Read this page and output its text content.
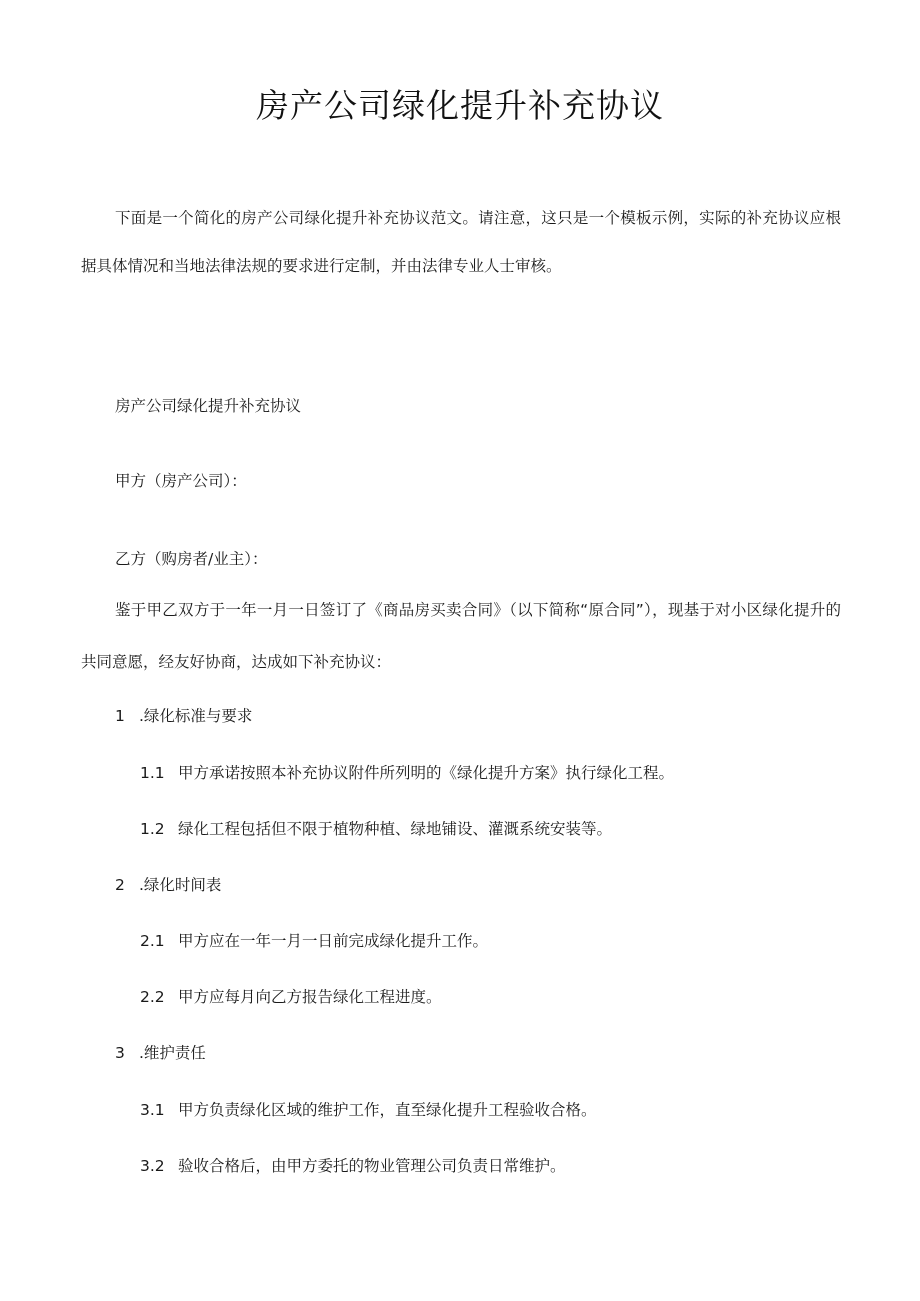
房产公司绿化提升补充协议

下面是一个简化的房产公司绿化提升补充协议范文。请注意，这只是一个模板示例，实际的补充协议应根据具体情况和当地法律法规的要求进行定制，并由法律专业人士审核。

房产公司绿化提升补充协议

甲方（房产公司）：

乙方（购房者/业主）：

鉴于甲乙双方于一年一月一日签订了《商品房买卖合同》（以下简称“原合同”），现基于对小区绿化提升的共同意愿，经友好协商，达成如下补充协议：

1 .绿化标准与要求

1.1 甲方承诺按照本补充协议附件所列明的《绿化提升方案》执行绿化工程。

1.2 绿化工程包括但不限于植物种植、绿地铺设、灌溉系统安装等。

2 .绿化时间表

2.1 甲方应在一年一月一日前完成绿化提升工作。

2.2 甲方应每月向乙方报告绿化工程进度。

3 .维护责任

3.1 甲方负责绿化区域的维护工作，直至绿化提升工程验收合格。

3.2 验收合格后，由甲方委托的物业管理公司负责日常维护。
